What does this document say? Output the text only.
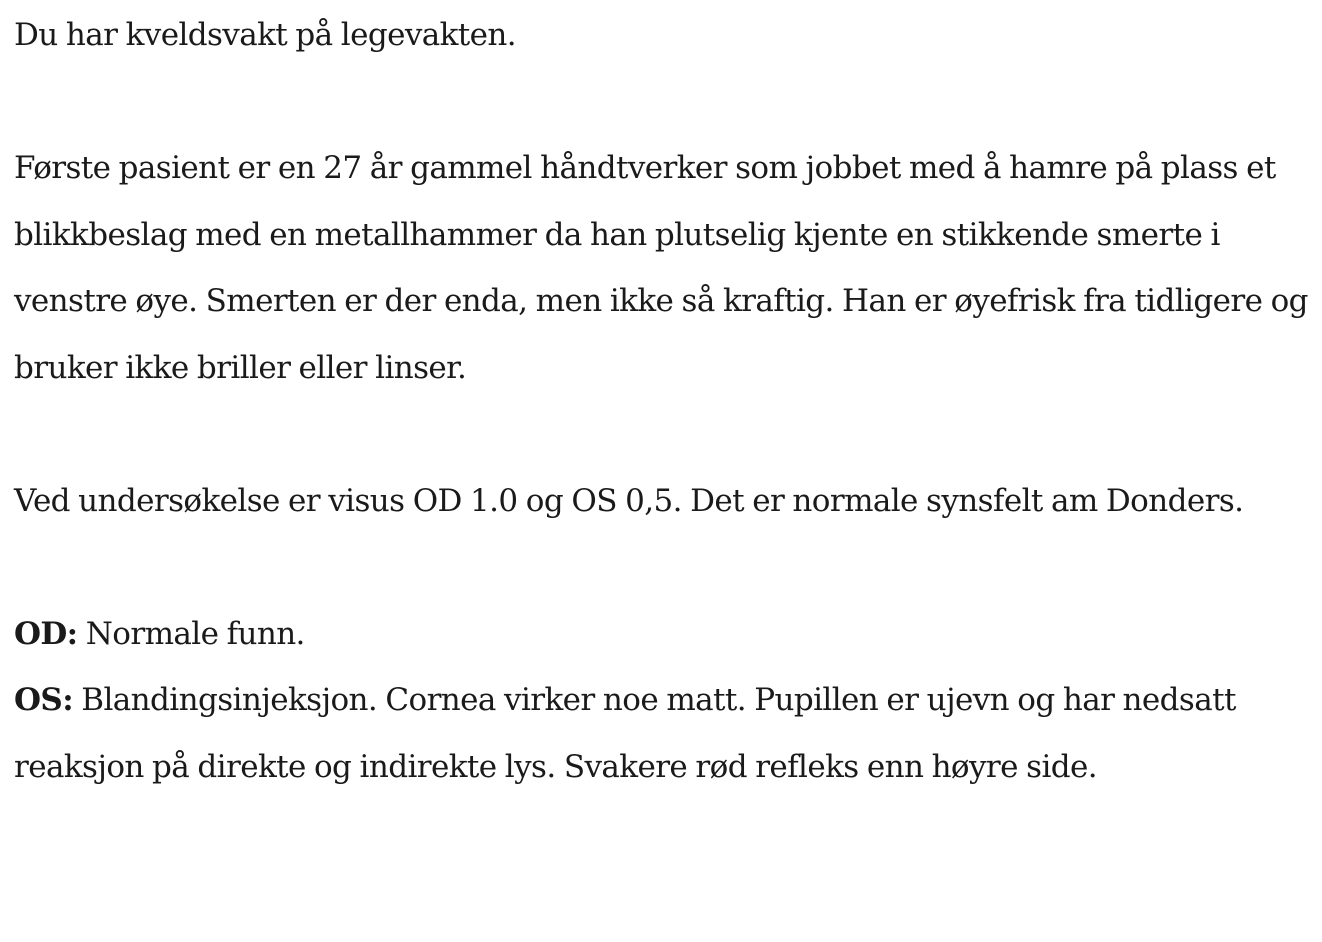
Du har kveldsvakt på legevakten.

Første pasient er en 27 år gammel håndtverker som jobbet med å hamre på plass et blikkbeslag med en metallhammer da han plutselig kjente en stikkende smerte i venstre øye. Smerten er der enda, men ikke så kraftig. Han er øyefrisk fra tidligere og bruker ikke briller eller linser.

Ved undersøkelse er visus OD 1.0 og OS 0,5. Det er normale synsfelt am Donders.

OD: Normale funn.

OS: Blandingsinjeksjon. Cornea virker noe matt. Pupillen er ujevn og har nedsatt reaksjon på direkte og indirekte lys. Svakere rød refleks enn høyre side.
